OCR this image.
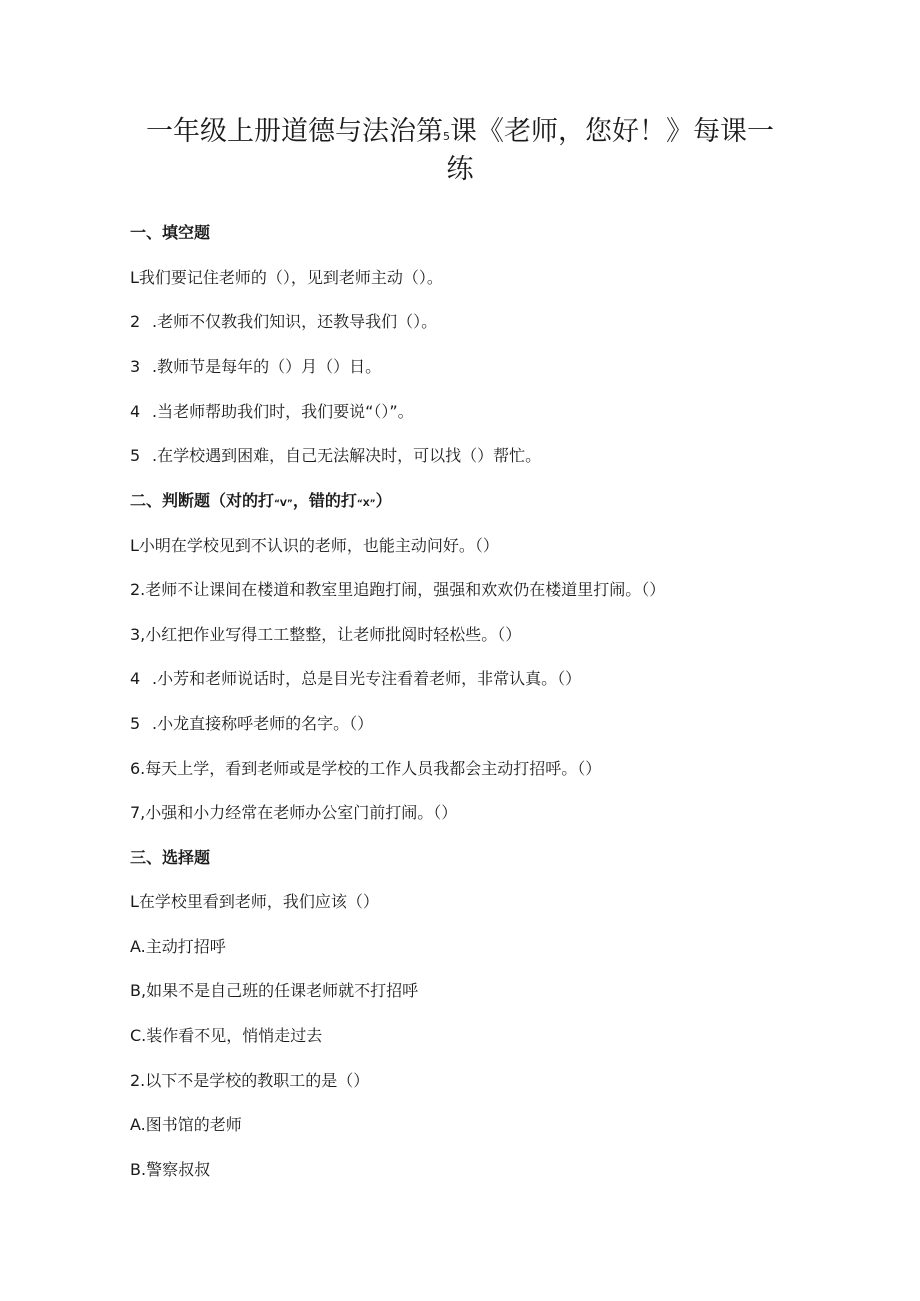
一年级上册道德与法治第5课《老师，您好！》每课一
练
一、填空题
L我们要记住老师的（），见到老师主动（）。
2 .老师不仅教我们知识，还教导我们（）。
3 .教师节是每年的（）月（）日。
4 .当老师帮助我们时，我们要说“（）”。
5 .在学校遇到困难，自己无法解决时，可以找（）帮忙。
二、判断题（对的打“V”，错的打“X”）
L小明在学校见到不认识的老师，也能主动问好。（）
2.老师不让课间在楼道和教室里追跑打闹，强强和欢欢仍在楼道里打闹。（）
3,小红把作业写得工工整整，让老师批阅时轻松些。（）
4 .小芳和老师说话时，总是目光专注看着老师，非常认真。（）
5 .小龙直接称呼老师的名字。（）
6.每天上学，看到老师或是学校的工作人员我都会主动打招呼。（）
7,小强和小力经常在老师办公室门前打闹。（）
三、选择题
L在学校里看到老师，我们应该（）
A.主动打招呼
B,如果不是自己班的任课老师就不打招呼
C.装作看不见，悄悄走过去
2.以下不是学校的教职工的是（）
A.图书馆的老师
B.警察叔叔
